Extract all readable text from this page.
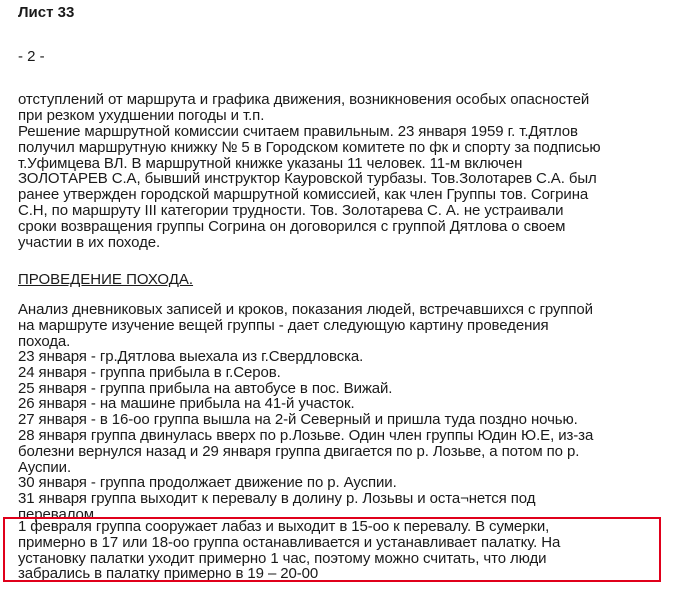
Лист 33
- 2 -
отступлений от маршрута и графика движения, возникновения особых опасностей
при резком ухудшении погоды и т.п.
Решение маршрутной комиссии считаем правильным. 23 января 1959 г. т.Дятлов
получил маршрутную книжку № 5 в Городском комитете по фк и спорту за подписью
т.Уфимцева ВЛ. В маршрутной книжке указаны 11 человек. 11-м включен
ЗОЛОТАРЕВ С.А, бывший инструктор Кауровской турбазы. Тов.Золотарев С.А. был
ранее утвержден городской маршрутной комиссией, как член Группы тов. Согрина
С.Н, по маршруту III категории трудности. Тов. Золотарева С. А. не устраивали
сроки возвращения группы Согрина он договорился с группой Дятлова о своем
участии в их походе.
ПРОВЕДЕНИЕ ПОХОДА.
Анализ дневниковых записей и кроков, показания людей, встречавшихся с группой
на маршруте изучение вещей группы - дает следующую картину проведения
похода.
23 января - гр.Дятлова выехала из г.Свердловска.
24 января - группа прибыла в г.Серов.
25 января - группа прибыла на автобусе в пос. Вижай.
26 января - на машине прибыла на 41-й участок.
27 января - в 16-оо группа вышла на 2-й Северный и пришла туда поздно ночью.
28 января группа двинулась вверх по р.Лозьве. Один член группы Юдин Ю.Е, из-за
болезни вернулся назад и 29 января группа двигается по р. Лозьве, а потом по р.
Ауспии.
30 января - группа продолжает движение по р. Ауспии.
31 января группа выходит к перевалу в долину р. Лозьвы и оста¬нется под
перевалом.
1 февраля группа сооружает лабаз и выходит в 15-оо к перевалу. В сумерки,
примерно в 17 или 18-оо группа останавливается и устанавливает палатку. На
установку палатки уходит примерно 1 час, поэтому можно считать, что люди
забрались в палатку примерно в 19 – 20-00
